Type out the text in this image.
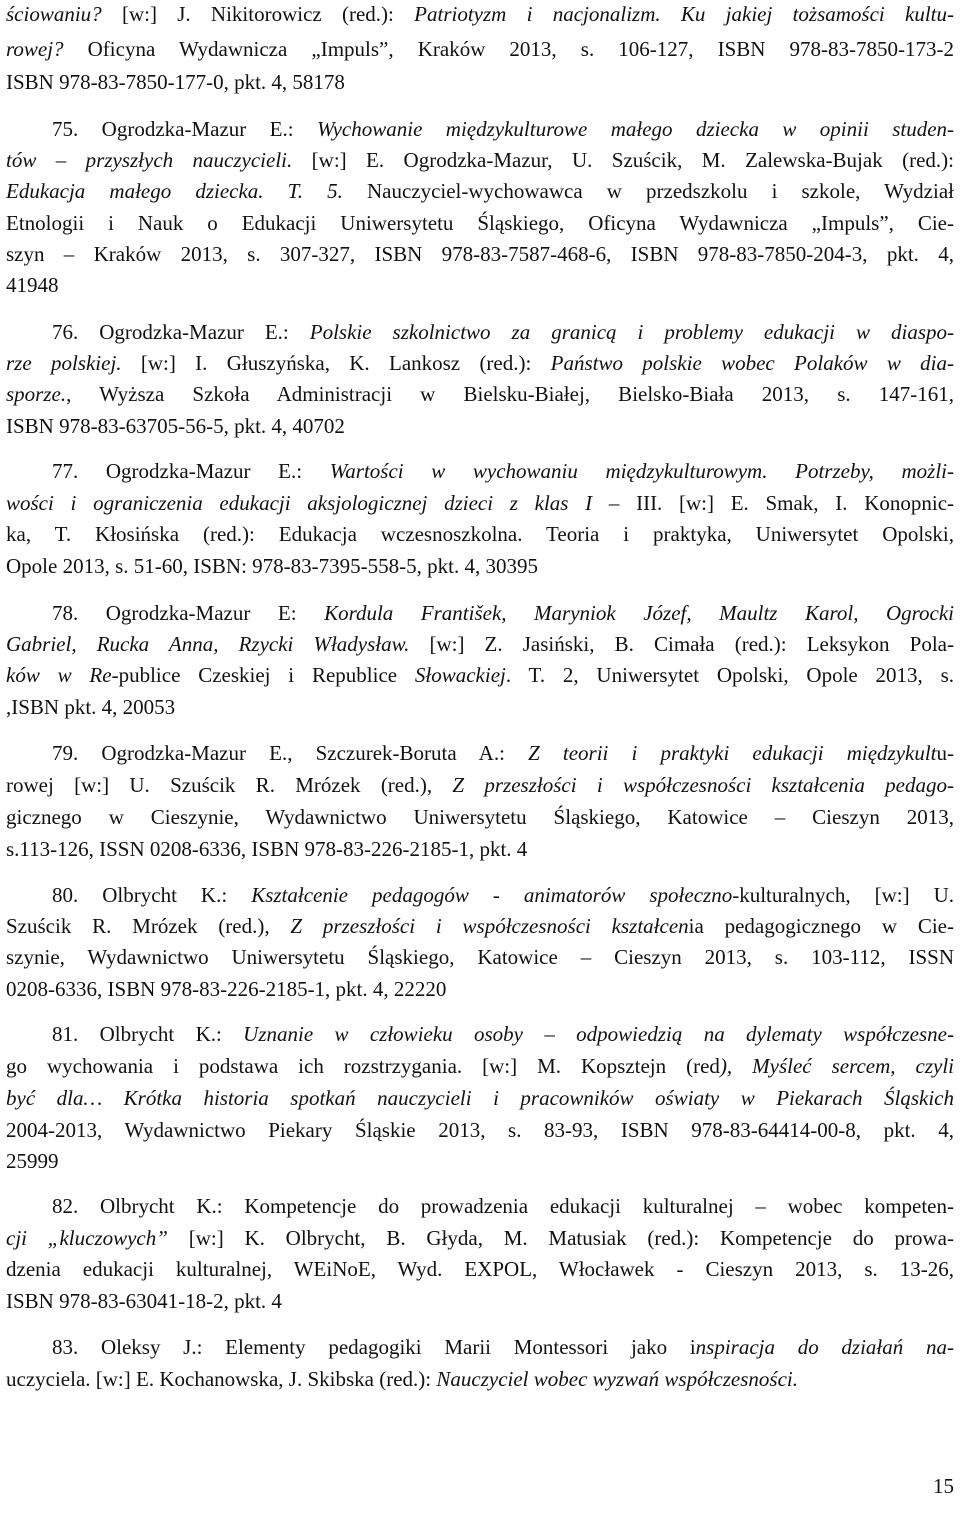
ściowaniu? [w:] J. Nikitorowicz (red.): Patriotyzm i nacjonalizm. Ku jakiej tożsamości kultu-
rowej? Oficyna Wydawnicza „Impuls”, Kraków 2013, s. 106-127, ISBN 978-83-7850-173-2
ISBN 978-83-7850-177-0, pkt. 4, 58178
75. Ogrodzka-Mazur E.: Wychowanie międzykulturowe małego dziecka w opinii studen-
tów – przyszłych nauczycieli. [w:] E. Ogrodzka-Mazur, U. Szuścik, M. Zalewska-Bujak (red.):
Edukacja małego dziecka. T. 5. Nauczyciel-wychowawca w przedszkolu i szkole, Wydział
Etnologii i Nauk o Edukacji Uniwersytetu Śląskiego, Oficyna Wydawnicza „Impuls”, Cie-
szyn – Kraków 2013, s. 307-327, ISBN 978-83-7587-468-6, ISBN 978-83-7850-204-3, pkt. 4,
41948
76. Ogrodzka-Mazur E.: Polskie szkolnictwo za granicą i problemy edukacji w diaspo-
rze polskiej. [w:] I. Głuszyńska, K. Lankosz (red.): Państwo polskie wobec Polaków w dia-
sporze., Wyższa Szkoła Administracji w Bielsku-Białej, Bielsko-Biała 2013, s. 147-161,
ISBN 978-83-63705-56-5, pkt. 4, 40702
77. Ogrodzka-Mazur E.: Wartości w wychowaniu międzykulturowym. Potrzeby, możli-
wości i ograniczenia edukacji aksjologicznej dzieci z klas I – III. [w:] E. Smak, I. Konopnic-
ka, T. Kłosińska (red.): Edukacja wczesnoszkolna. Teoria i praktyka, Uniwersytet Opolski,
Opole 2013, s. 51-60, ISBN: 978-83-7395-558-5, pkt. 4, 30395
78. Ogrodzka-Mazur E: Kordula František, Maryniok Józef, Maultz Karol, Ogrocki
Gabriel, Rucka Anna, Rzycki Władysław. [w:] Z. Jasiński, B. Cimała (red.): Leksykon Pola-
ków w Re-publice Czeskiej i Republice Słowackiej. T. 2, Uniwersytet Opolski, Opole 2013, s.
,ISBN pkt. 4, 20053
79. Ogrodzka-Mazur E., Szczurek-Boruta A.: Z teorii i praktyki edukacji międzykultu-
rowej [w:] U. Szuścik R. Mrózek (red.), Z przeszłości i współczesności kształcenia pedago-
gicznego w Cieszynie, Wydawnictwo Uniwersytetu Śląskiego, Katowice – Cieszyn 2013,
s.113-126, ISSN 0208-6336, ISBN 978-83-226-2185-1, pkt. 4
80. Olbrycht K.: Kształcenie pedagogów - animatorów społeczno-kulturalnych, [w:] U.
Szuścik R. Mrózek (red.), Z przeszłości i współczesności kształcenia pedagogicznego w Cie-
szynie, Wydawnictwo Uniwersytetu Śląskiego, Katowice – Cieszyn 2013, s. 103-112, ISSN
0208-6336, ISBN 978-83-226-2185-1, pkt. 4, 22220
81. Olbrycht K.: Uznanie w człowieku osoby – odpowiedzią na dylematy współczesne-
go wychowania i podstawa ich rozstrzygania. [w:] M. Kopsztejn (red), Myśleć sercem, czyli
być dla… Krótka historia spotkań nauczycieli i pracowników oświaty w Piekarach Śląskich
2004-2013, Wydawnictwo Piekary Śląskie 2013, s. 83-93, ISBN 978-83-64414-00-8, pkt. 4,
25999
82. Olbrycht K.: Kompetencje do prowadzenia edukacji kulturalnej – wobec kompeten-
cji „kluczowych” [w:] K. Olbrycht, B. Głyda, M. Matusiak (red.): Kompetencje do prowa-
dzenia edukacji kulturalnej, WEiNoE, Wyd. EXPOL, Włocławek - Cieszyn 2013, s. 13-26,
ISBN 978-83-63041-18-2, pkt. 4
83. Oleksy J.: Elementy pedagogiki Marii Montessori jako inspiracja do działań na-
uczyciela. [w:] E. Kochanowska, J. Skibska (red.): Nauczyciel wobec wyzwań współczesności.
15
